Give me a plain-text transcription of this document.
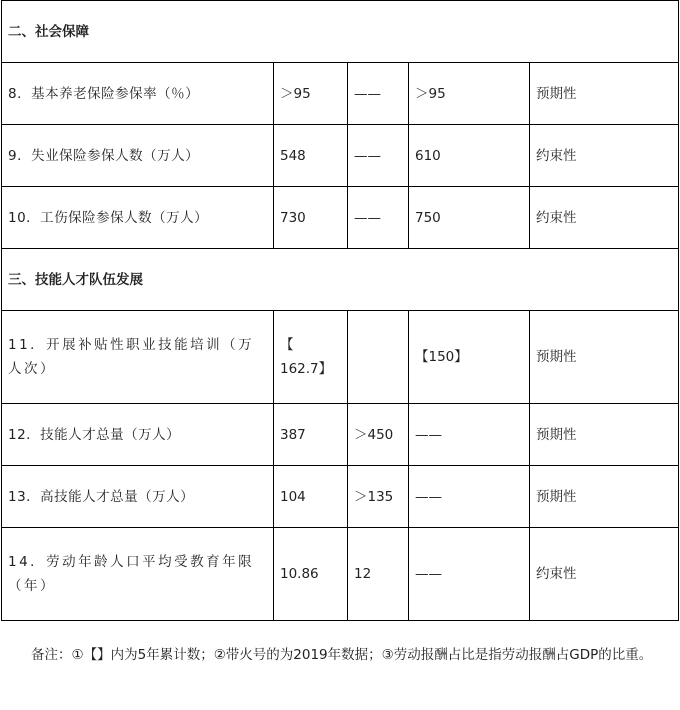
二、社会保障				
8．基本养老保险参保率（％）	＞95	——	＞95	预期性
9．失业保险参保人数（万人）	548	——	610	约束性
10．工伤保险参保人数（万人）	730	——	750	约束性
三、技能人才队伍发展				
11．开展补贴性职业技能培训（万人次）	【 162.7】		【150】	预期性
12．技能人才总量（万人）	387	＞450	——	预期性
13．高技能人才总量（万人）	104	＞135	——	预期性
14．劳动年龄人口平均受教育年限（年）	10.86	12	——	约束性
备注：①【】内为5年累计数；②带火号的为2019年数据；③劳动报酬占比是指劳动报酬占GDP的比重。
